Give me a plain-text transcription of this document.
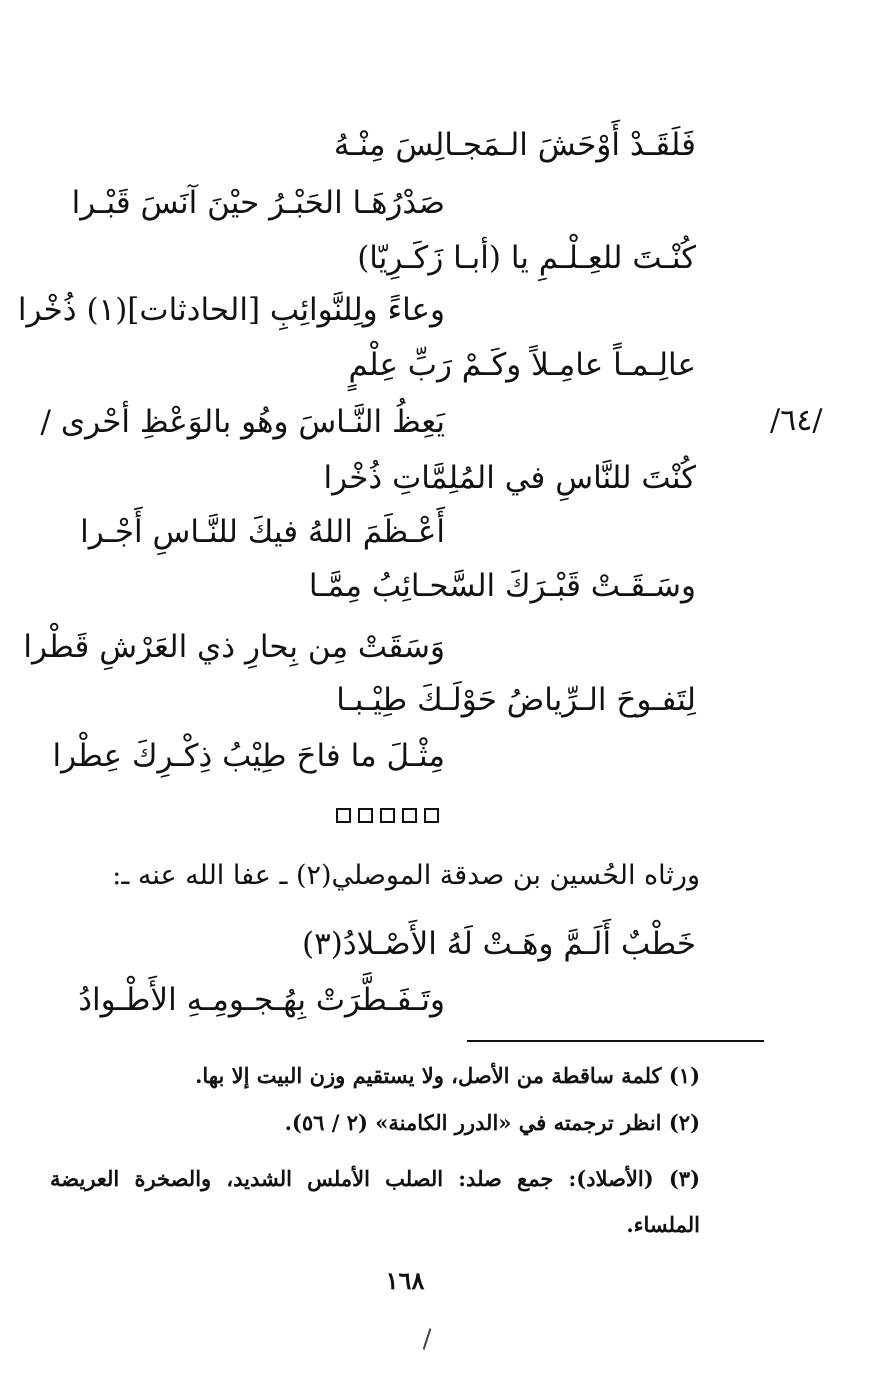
فَلَقَـدْ أَوْحَشَ الـمَجـالِسَ مِنْـهُ
صَدْرُهَـا الحَبْـرُ حيْنَ آنَسَ قَبْـرا
كُنْـتَ للعِـلْـمِ يا (أبـا زَكَـرِيّا)
وعاءً ولِلنَّوائِبِ [الحادثات](١) ذُخْرا
عالِـمـاً عامِـلاً وكَـمْ رَبِّ عِلْمٍ
يَعِظُ النَّـاسَ وهُو بالوَعْظِ أحْرى /
كُنْتَ للنَّاسِ في المُلِمَّاتِ ذُخْرا
أَعْـظَمَ اللهُ فيكَ للنَّـاسِ أَجْـرا
وسَـقَـتْ قَبْـرَكَ السَّحـائِبُ مِمَّـا
وَسَقَتْ مِن بِحارِ ذي العَرْشِ قَطْرا
لِتَفـوحَ الـرِّياضُ حَوْلَـكَ طِيْـبـا
مِثْـلَ ما فاحَ طِيْبُ ذِكْـرِكَ عِطْرا
/٦٤/
ورثاه الحُسين بن صدقة الموصلي(٢) ـ عفا الله عنه ـ:
خَطْبٌ أَلَـمَّ وهَـتْ لَهُ الأَصْـلادُ(٣)
وتَـفَـطَّرَتْ بِهُـجـومِـهِ الأَطْـوادُ
(١) كلمة ساقطة من الأصل، ولا يستقيم وزن البيت إلا بها.
(٢) انظر ترجمته في «الدرر الكامنة» (٢ / ٥٦).
(٣) (الأصلاد): جمع صلد: الصلب الأملس الشديد، والصخرة العريضة الملساء.
١٦٨
